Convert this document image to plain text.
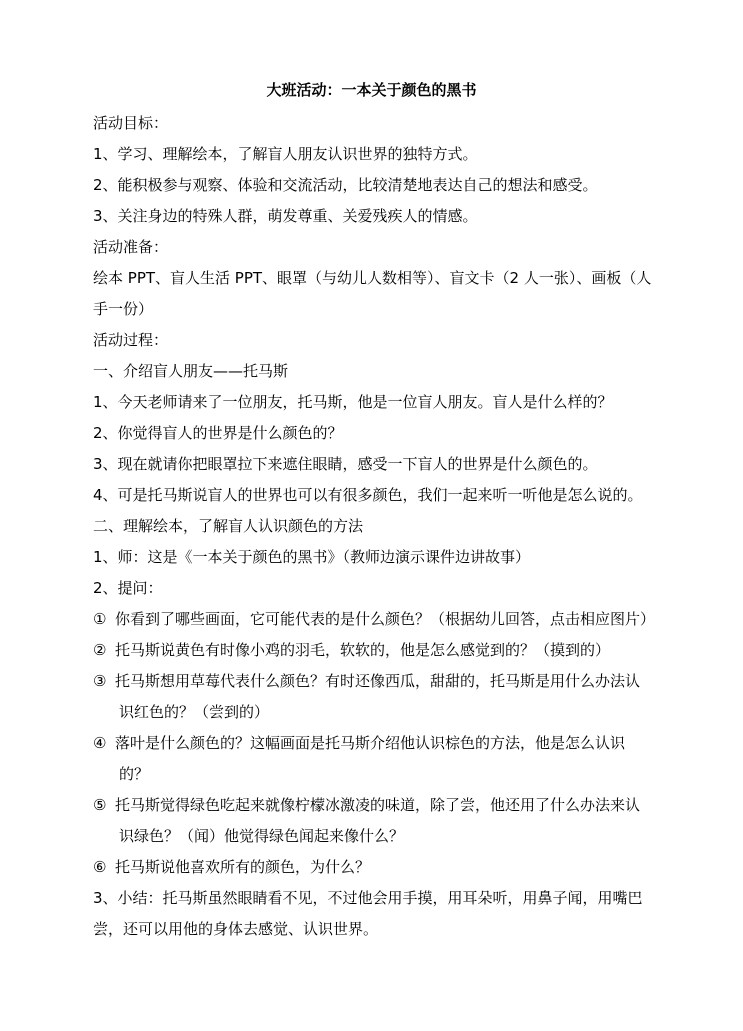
大班活动：一本关于颜色的黑书
活动目标：
1、学习、理解绘本，了解盲人朋友认识世界的独特方式。
2、能积极参与观察、体验和交流活动，比较清楚地表达自己的想法和感受。
3、关注身边的特殊人群，萌发尊重、关爱残疾人的情感。
活动准备：
绘本 PPT、盲人生活 PPT、眼罩（与幼儿人数相等）、盲文卡（2 人一张）、画板（人
手一份）
活动过程：
一、介绍盲人朋友——托马斯
1、今天老师请来了一位朋友，托马斯，他是一位盲人朋友。盲人是什么样的？
2、你觉得盲人的世界是什么颜色的？
3、现在就请你把眼罩拉下来遮住眼睛，感受一下盲人的世界是什么颜色的。
4、可是托马斯说盲人的世界也可以有很多颜色，我们一起来听一听他是怎么说的。
二、理解绘本，了解盲人认识颜色的方法
1、师：这是《一本关于颜色的黑书》（教师边演示课件边讲故事）
2、提问：
① 你看到了哪些画面，它可能代表的是什么颜色？（根据幼儿回答，点击相应图片）
② 托马斯说黄色有时像小鸡的羽毛，软软的，他是怎么感觉到的？（摸到的）
③ 托马斯想用草莓代表什么颜色？有时还像西瓜，甜甜的，托马斯是用什么办法认
识红色的？（尝到的）
④ 落叶是什么颜色的？这幅画面是托马斯介绍他认识棕色的方法，他是怎么认识
的？
⑤ 托马斯觉得绿色吃起来就像柠檬冰激凌的味道，除了尝，他还用了什么办法来认
识绿色？（闻）他觉得绿色闻起来像什么？
⑥ 托马斯说他喜欢所有的颜色，为什么？
3、小结：托马斯虽然眼睛看不见，不过他会用手摸，用耳朵听，用鼻子闻，用嘴巴
尝，还可以用他的身体去感觉、认识世界。
